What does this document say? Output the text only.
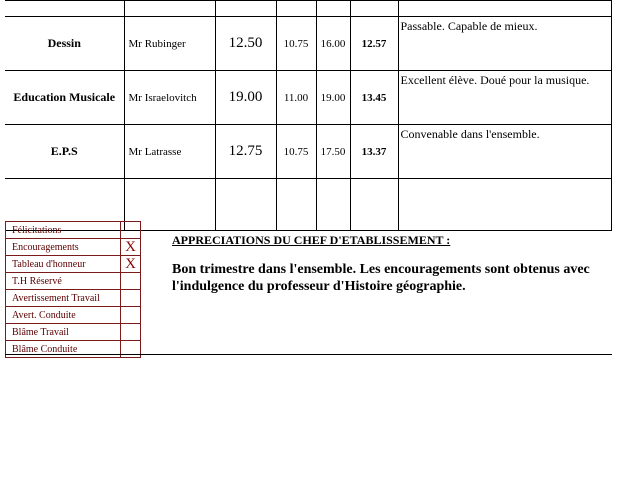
Dessin	Mr Rubinger	12.50	10.75	16.00	12.57	Passable. Capable de mieux.
Education Musicale	Mr Israelovitch	19.00	11.00	19.00	13.45	Excellent élève. Doué pour la musique.
E.P.S	Mr Latrasse	12.75	10.75	17.50	13.37	Convenable dans l'ensemble.

Félicitations	
Encouragements	X
Tableau d'honneur	X
T.H Réservé	
Avertissement Travail	
Avert. Conduite	
Blâme Travail	
Blâme Conduite	
APPRECIATIONS DU CHEF D'ETABLISSEMENT :
Bon trimestre dans l'ensemble. Les encouragements sont obtenus avec l'indulgence du professeur d'Histoire géographie.
